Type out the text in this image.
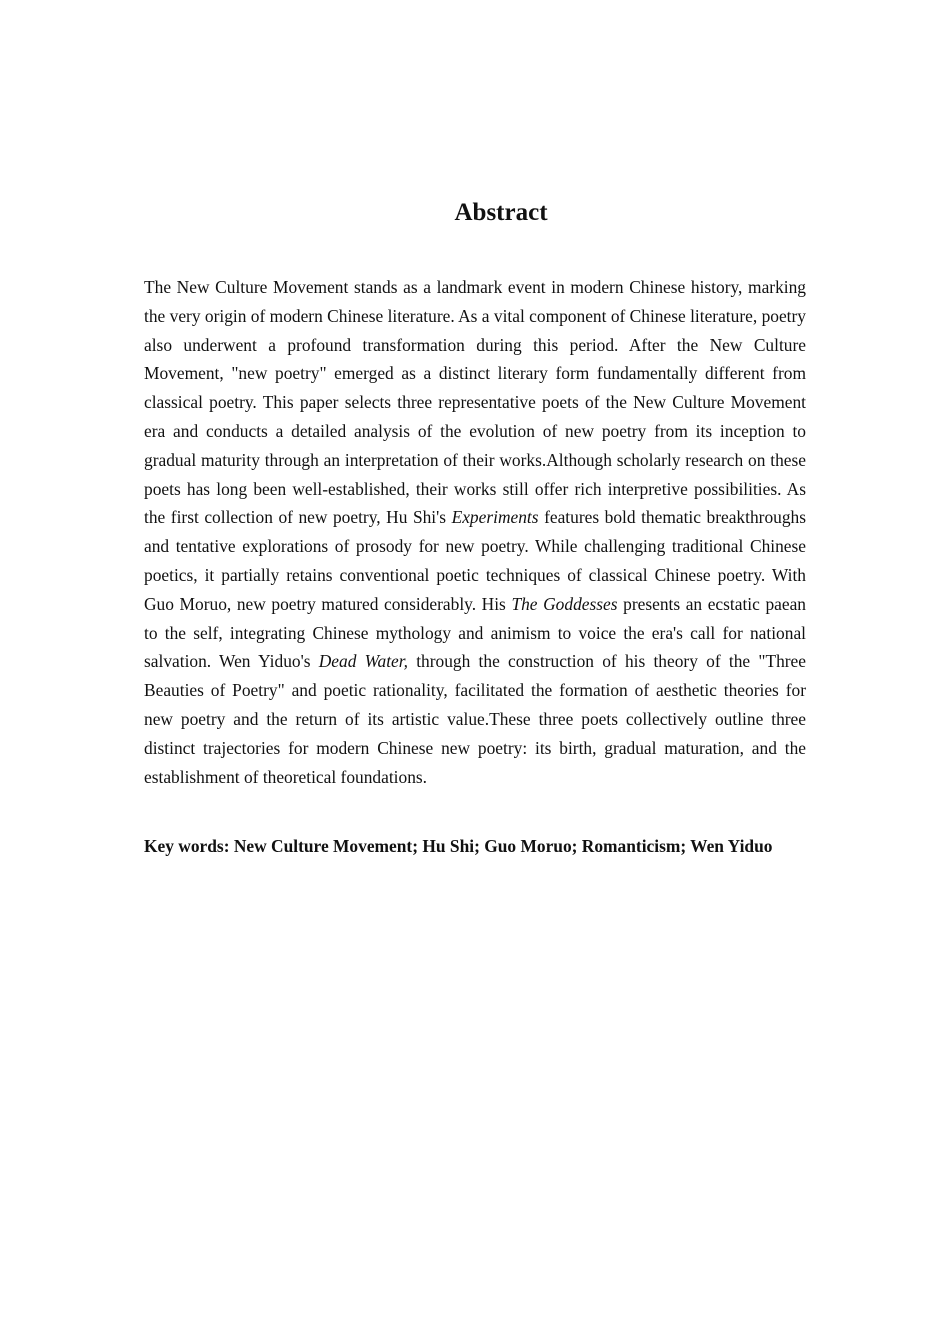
Abstract

The New Culture Movement stands as a landmark event in modern Chinese history, marking the very origin of modern Chinese literature. As a vital component of Chinese literature, poetry also underwent a profound transformation during this period. After the New Culture Movement, "new poetry" emerged as a distinct literary form fundamentally different from classical poetry. This paper selects three representative poets of the New Culture Movement era and conducts a detailed analysis of the evolution of new poetry from its inception to gradual maturity through an interpretation of their works.Although scholarly research on these poets has long been well-established, their works still offer rich interpretive possibilities. As the first collection of new poetry, Hu Shi's Experiments features bold thematic breakthroughs and tentative explorations of prosody for new poetry. While challenging traditional Chinese poetics, it partially retains conventional poetic techniques of classical Chinese poetry. With Guo Moruo, new poetry matured considerably. His The Goddesses presents an ecstatic paean to the self, integrating Chinese mythology and animism to voice the era's call for national salvation. Wen Yiduo's Dead Water, through the construction of his theory of the "Three Beauties of Poetry" and poetic rationality, facilitated the formation of aesthetic theories for new poetry and the return of its artistic value.These three poets collectively outline three distinct trajectories for modern Chinese new poetry: its birth, gradual maturation, and the establishment of theoretical foundations.

Key words: New Culture Movement; Hu Shi; Guo Moruo; Romanticism; Wen Yiduo
